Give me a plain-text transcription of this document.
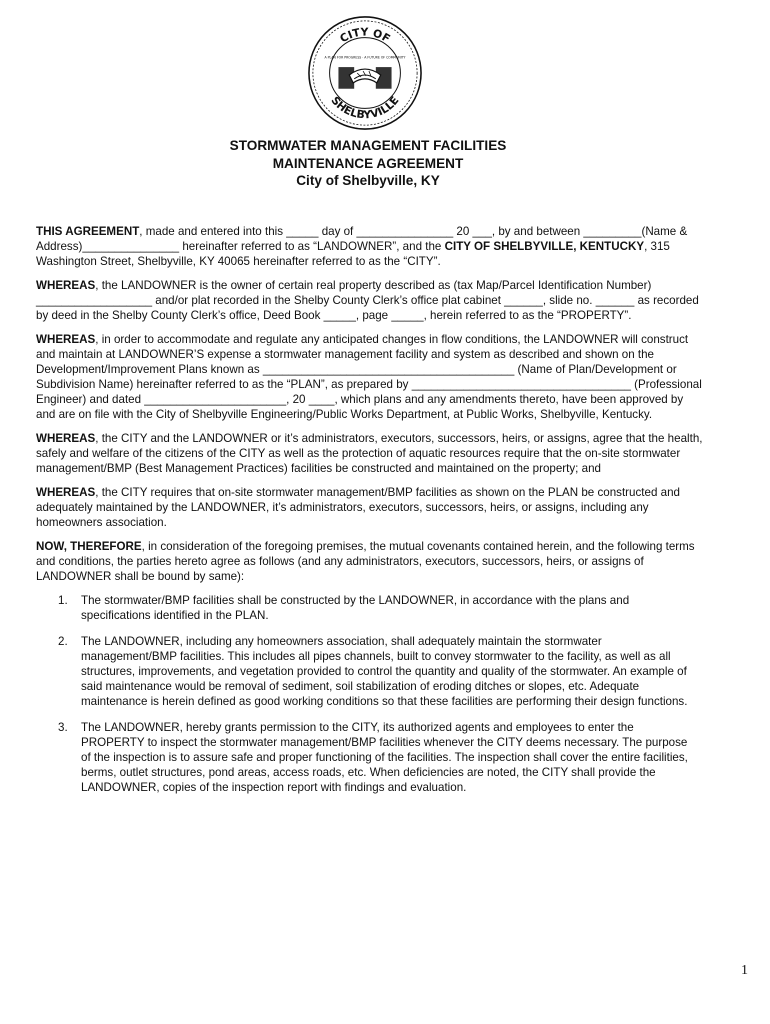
CITY OF
SHELBYVILLE
A PLAN FOR PROGRESS · A FUTURE OF COMMUNITY
STORMWATER MANAGEMENT FACILITIES
MAINTENANCE AGREEMENT
City of Shelbyville, KY

THIS AGREEMENT, made and entered into this _____ day of _______________ 20 ___, by and between _________(Name & Address)_______________ hereinafter referred to as “LANDOWNER”, and the CITY OF SHELBYVILLE, KENTUCKY, 315 Washington Street, Shelbyville, KY 40065 hereinafter referred to as the “CITY”.

WHEREAS, the LANDOWNER is the owner of certain real property described as (tax Map/Parcel Identification Number) __________________ and/or plat recorded in the Shelby County Clerk’s office plat cabinet ______, slide no. ______ as recorded by deed in the Shelby County Clerk’s office, Deed Book _____, page _____, herein referred to as the “PROPERTY”.

WHEREAS, in order to accommodate and regulate any anticipated changes in flow conditions, the LANDOWNER will construct and maintain at LANDOWNER’S expense a stormwater management facility and system as described and shown on the Development/Improvement Plans known as _______________________________________ (Name of Plan/Development or Subdivision Name) hereinafter referred to as the “PLAN”, as prepared by __________________________________ (Professional Engineer) and dated ______________________, 20 ____, which plans and any amendments thereto, have been approved by and are on file with the City of Shelbyville Engineering/Public Works Department, at Public Works, Shelbyville, Kentucky.

WHEREAS, the CITY and the LANDOWNER or it’s administrators, executors, successors, heirs, or assigns, agree that the health, safely and welfare of the citizens of the CITY as well as the protection of aquatic resources require that the on-site stormwater management/BMP (Best Management Practices) facilities be constructed and maintained on the property; and

WHEREAS, the CITY requires that on-site stormwater management/BMP facilities as shown on the PLAN be constructed and adequately maintained by the LANDOWNER, it’s administrators, executors, successors, heirs, or assigns, including any homeowners association.

NOW, THEREFORE, in consideration of the foregoing premises, the mutual covenants contained herein, and the following terms and conditions, the parties hereto agree as follows (and any administrators, executors, successors, heirs, or assigns of LANDOWNER shall be bound by same):

1. The stormwater/BMP facilities shall be constructed by the LANDOWNER, in accordance with the plans and specifications identified in the PLAN.
2. The LANDOWNER, including any homeowners association, shall adequately maintain the stormwater management/BMP facilities. This includes all pipes channels, built to convey stormwater to the facility, as well as all structures, improvements, and vegetation provided to control the quantity and quality of the stormwater. An example of said maintenance would be removal of sediment, soil stabilization of eroding ditches or slopes, etc. Adequate maintenance is herein defined as good working conditions so that these facilities are performing their design functions.
3. The LANDOWNER, hereby grants permission to the CITY, its authorized agents and employees to enter the PROPERTY to inspect the stormwater management/BMP facilities whenever the CITY deems necessary. The purpose of the inspection is to assure safe and proper functioning of the facilities. The inspection shall cover the entire facilities, berms, outlet structures, pond areas, access roads, etc. When deficiencies are noted, the CITY shall provide the LANDOWNER, copies of the inspection report with findings and evaluation.
1
